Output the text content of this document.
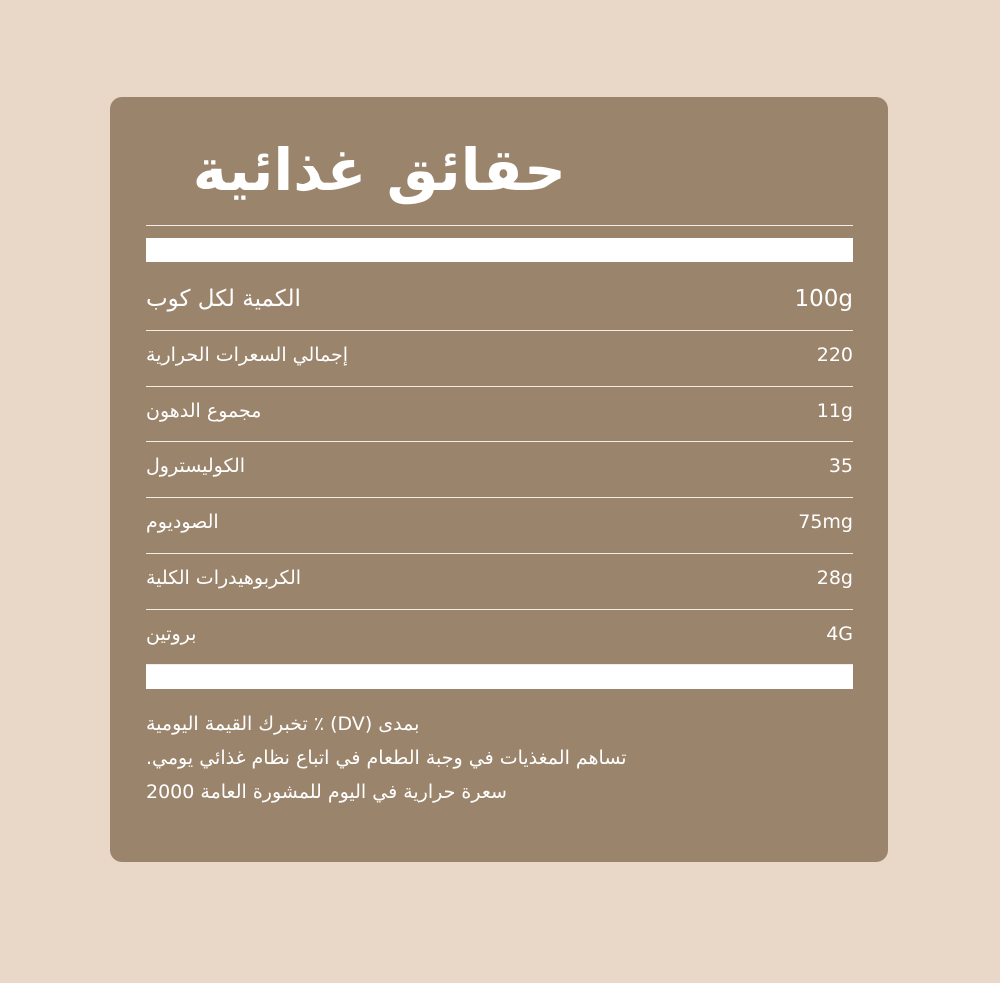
حقائق غذائية
الكمية لكل كوب	100g
إجمالي السعرات الحرارية	220
مجموع الدهون	11g
الكوليسترول	35
الصوديوم	75mg
الكربوهيدرات الكلية	28g
بروتين	4G
بمدى (DV) ٪ تخبرك القيمة اليومية
تساهم المغذيات في وجبة الطعام في اتباع نظام غذائي يومي.
سعرة حرارية في اليوم للمشورة العامة 2000
